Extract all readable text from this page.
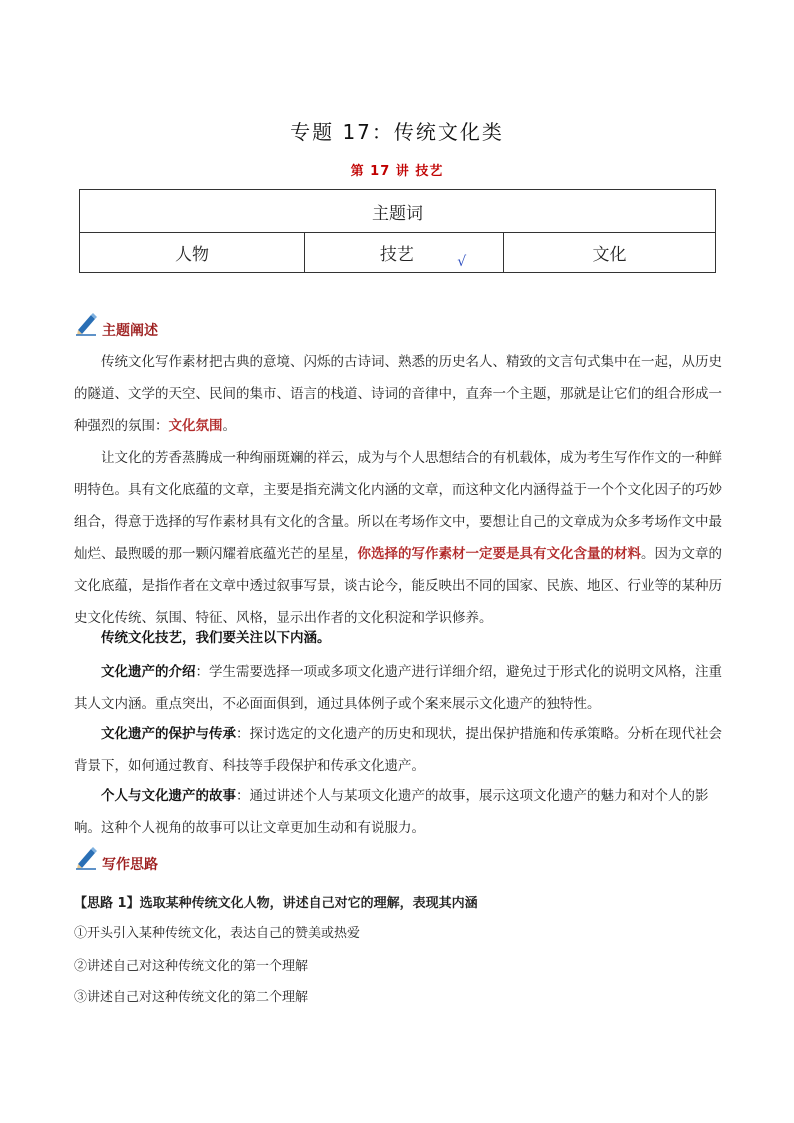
专题 17：传统文化类
第 17 讲 技艺
主题词
人物	技艺	$_√$	文化
主题阐述

传统文化写作素材把古典的意境、闪烁的古诗词、熟悉的历史名人、精致的文言句式集中在一起，从历史的隧道、文学的天空、民间的集市、语言的栈道、诗词的音律中，直奔一个主题，那就是让它们的组合形成一种强烈的氛围：文化氛围。

让文化的芳香蒸腾成一种绚丽斑斓的祥云，成为与个人思想结合的有机载体，成为考生写作作文的一种鲜明特色。具有文化底蕴的文章，主要是指充满文化内涵的文章，而这种文化内涵得益于一个个文化因子的巧妙组合，得意于选择的写作素材具有文化的含量。所以在考场作文中，要想让自己的文章成为众多考场作文中最灿烂、最煦暖的那一颗闪耀着底蕴光芒的星星，你选择的写作素材一定要是具有文化含量的材料。因为文章的文化底蕴，是指作者在文章中透过叙事写景，谈古论今，能反映出不同的国家、民族、地区、行业等的某种历史文化传统、氛围、特征、风格，显示出作者的文化积淀和学识修养。

传统文化技艺，我们要关注以下内涵。

文化遗产的介绍：学生需要选择一项或多项文化遗产进行详细介绍，避免过于形式化的说明文风格，注重其人文内涵。重点突出，不必面面俱到，通过具体例子或个案来展示文化遗产的独特性。

文化遗产的保护与传承：探讨选定的文化遗产的历史和现状，提出保护措施和传承策略。分析在现代社会背景下，如何通过教育、科技等手段保护和传承文化遗产。

个人与文化遗产的故事：通过讲述个人与某项文化遗产的故事，展示这项文化遗产的魅力和对个人的影响。这种个人视角的故事可以让文章更加生动和有说服力。

写作思路
【思路 1】选取某种传统文化人物，讲述自己对它的理解，表现其内涵
①开头引入某种传统文化，表达自己的赞美或热爱
②讲述自己对这种传统文化的第一个理解
③讲述自己对这种传统文化的第二个理解
